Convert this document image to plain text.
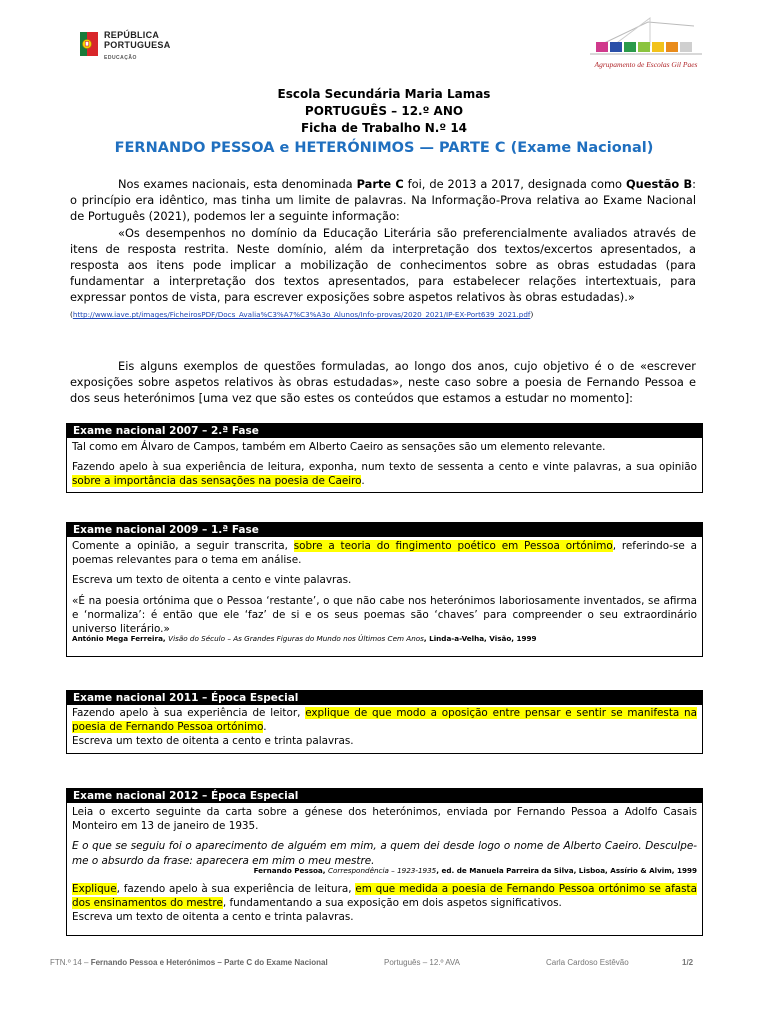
REPÚBLICA
PORTUGUESA
EDUCAÇÃO
Agrupamento de Escolas Gil Paes
Escola Secundária Maria Lamas
PORTUGUÊS – 12.º ANO
Ficha de Trabalho N.º 14
FERNANDO PESSOA e HETERÓNIMOS — PARTE C (Exame Nacional)
Nos exames nacionais, esta denominada Parte C foi, de 2013 a 2017, designada como Questão B: o princípio era idêntico, mas tinha um limite de palavras. Na Informação-Prova relativa ao Exame Nacional de Português (2021), podemos ler a seguinte informação:
«Os desempenhos no domínio da Educação Literária são preferencialmente avaliados através de itens de resposta restrita. Neste domínio, além da interpretação dos textos/excertos apresentados, a resposta aos itens pode implicar a mobilização de conhecimentos sobre as obras estudadas (para fundamentar a interpretação dos textos apresentados, para estabelecer relações intertextuais, para expressar pontos de vista, para escrever exposições sobre aspetos relativos às obras estudadas).»
(http://www.iave.pt/images/FicheirosPDF/Docs_Avalia%C3%A7%C3%A3o_Alunos/Info-provas/2020_2021/IP-EX-Port639_2021.pdf)
Eis alguns exemplos de questões formuladas, ao longo dos anos, cujo objetivo é o de «escrever exposições sobre aspetos relativos às obras estudadas», neste caso sobre a poesia de Fernando Pessoa e dos seus heterónimos [uma vez que são estes os conteúdos que estamos a estudar no momento]:
Exame nacional 2007 – 2.ª Fase

Tal como em Álvaro de Campos, também em Alberto Caeiro as sensações são um elemento relevante.

Fazendo apelo à sua experiência de leitura, exponha, num texto de sessenta a cento e vinte palavras, a sua opinião sobre a importância das sensações na poesia de Caeiro.

Exame nacional 2009 – 1.ª Fase

Comente a opinião, a seguir transcrita, sobre a teoria do fingimento poético em Pessoa ortónimo, referindo-se a poemas relevantes para o tema em análise.

Escreva um texto de oitenta a cento e vinte palavras.

«É na poesia ortónima que o Pessoa ‘restante’, o que não cabe nos heterónimos laboriosamente inventados, se afirma e ‘normaliza’: é então que ele ‘faz’ de si e os seus poemas são ‘chaves’ para compreender o seu extraordinário universo literário.»

António Mega Ferreira, Visão do Século – As Grandes Figuras do Mundo nos Últimos Cem Anos, Linda-a-Velha, Visão, 1999

Exame nacional 2011 – Época Especial

Fazendo apelo à sua experiência de leitor, explique de que modo a oposição entre pensar e sentir se manifesta na poesia de Fernando Pessoa ortónimo.

Escreva um texto de oitenta a cento e trinta palavras.

Exame nacional 2012 – Época Especial

Leia o excerto seguinte da carta sobre a génese dos heterónimos, enviada por Fernando Pessoa a Adolfo Casais Monteiro em 13 de janeiro de 1935.

E o que se seguiu foi o aparecimento de alguém em mim, a quem dei desde logo o nome de Alberto Caeiro. Desculpe-me o absurdo da frase: aparecera em mim o meu mestre.

Fernando Pessoa, Correspondência – 1923-1935, ed. de Manuela Parreira da Silva, Lisboa, Assírio & Alvim, 1999

Explique, fazendo apelo à sua experiência de leitura, em que medida a poesia de Fernando Pessoa ortónimo se afasta dos ensinamentos do mestre, fundamentando a sua exposição em dois aspetos significativos.

Escreva um texto de oitenta a cento e trinta palavras.

FTN.º 14 – Fernando Pessoa e Heterónimos – Parte C do Exame Nacional	Português – 12.º AVA	Carla Cardoso Estêvão	1/2
